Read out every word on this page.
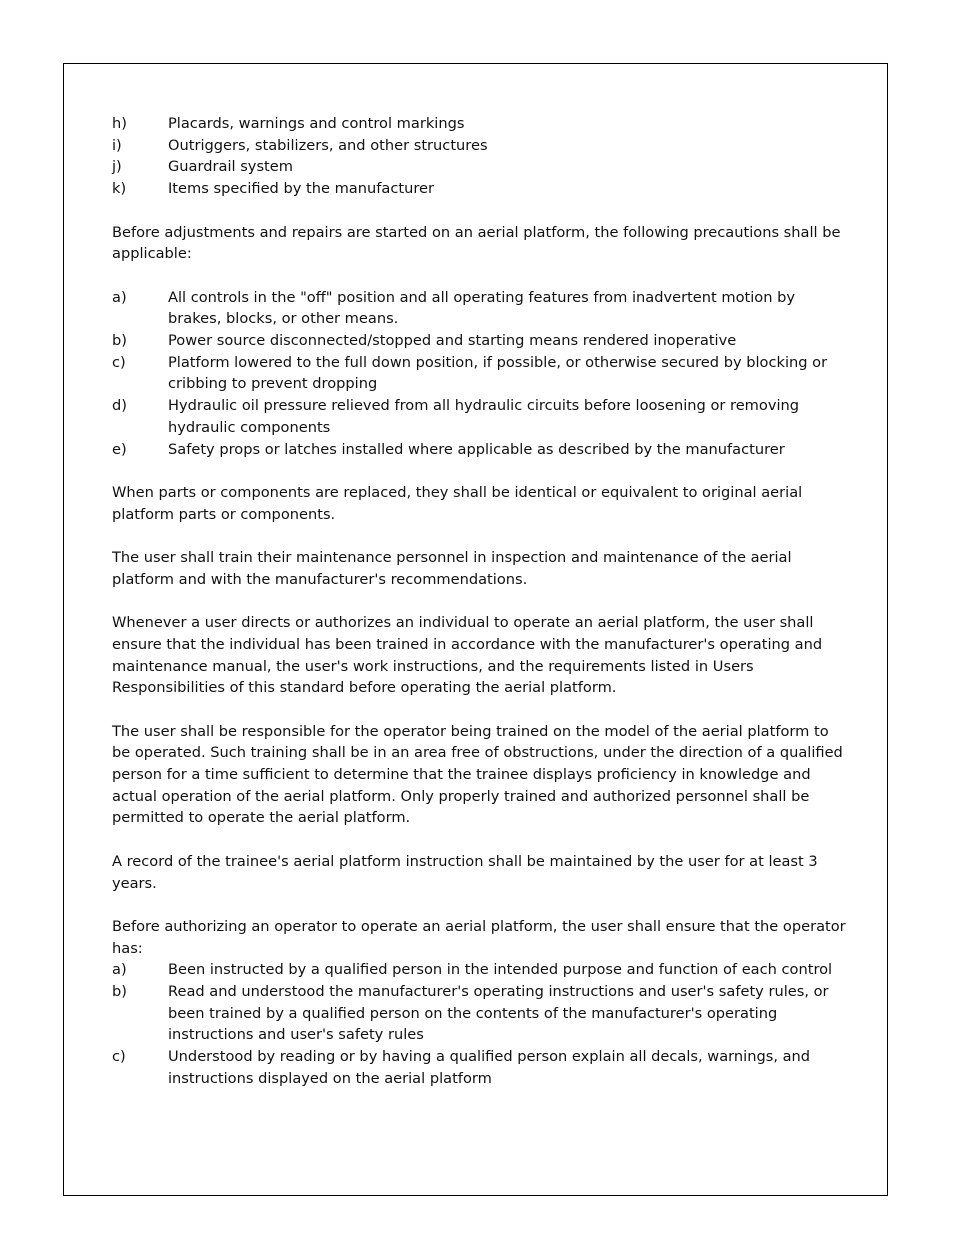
h)	Placards, warnings and control markings
i)	Outriggers, stabilizers, and other structures
j)	Guardrail system
k)	Items specified by the manufacturer

Before adjustments and repairs are started on an aerial platform, the following precautions shall be applicable:

a)	All controls in the "off" position and all operating features from inadvertent motion by brakes, blocks, or other means.
b)	Power source disconnected/stopped and starting means rendered inoperative
c)	Platform lowered to the full down position, if possible, or otherwise secured by blocking or cribbing to prevent dropping
d)	Hydraulic oil pressure relieved from all hydraulic circuits before loosening or removing hydraulic components
e)	Safety props or latches installed where applicable as described by the manufacturer

When parts or components are replaced, they shall be identical or equivalent to original aerial platform parts or components.

The user shall train their maintenance personnel in inspection and maintenance of the aerial platform and with the manufacturer's recommendations.

Whenever a user directs or authorizes an individual to operate an aerial platform, the user shall ensure that the individual has been trained in accordance with the manufacturer's operating and maintenance manual, the user's work instructions, and the requirements listed in Users Responsibilities of this standard before operating the aerial platform.

The user shall be responsible for the operator being trained on the model of the aerial platform to be operated. Such training shall be in an area free of obstructions, under the direction of a qualified person for a time sufficient to determine that the trainee displays proficiency in knowledge and actual operation of the aerial platform. Only properly trained and authorized personnel shall be permitted to operate the aerial platform.

A record of the trainee's aerial platform instruction shall be maintained by the user for at least 3 years.

Before authorizing an operator to operate an aerial platform, the user shall ensure that the operator has:

a)	Been instructed by a qualified person in the intended purpose and function of each control
b)	Read and understood the manufacturer's operating instructions and user's safety rules, or been trained by a qualified person on the contents of the manufacturer's operating instructions and user's safety rules
c)	Understood by reading or by having a qualified person explain all decals, warnings, and instructions displayed on the aerial platform
